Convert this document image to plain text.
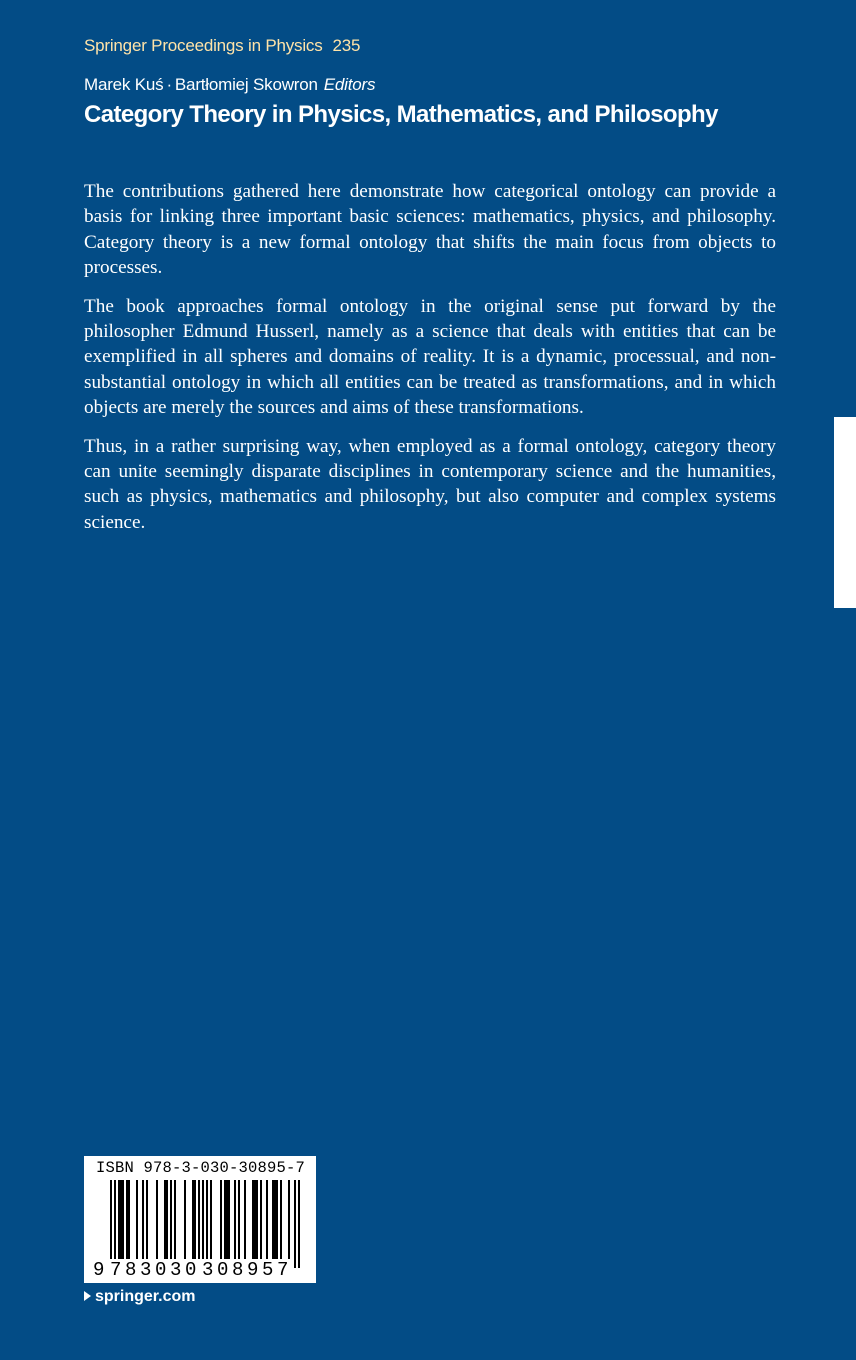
Springer Proceedings in Physics 235
Marek Kuś · Bartłomiej Skowron Editors
Category Theory in Physics, Mathematics, and Philosophy

The contributions gathered here demonstrate how categorical ontology can provide a basis for linking three important basic sciences: mathematics, physics, and philosophy. Category theory is a new formal ontology that shifts the main focus from objects to processes.

The book approaches formal ontology in the original sense put forward by the philosopher Edmund Husserl, namely as a science that deals with entities that can be exemplified in all spheres and domains of reality. It is a dynamic, processual, and non-substantial ontology in which all entities can be treated as transformations, and in which objects are merely the sources and aims of these transformations.

Thus, in a rather surprising way, when employed as a formal ontology, category theory can unite seemingly disparate disciplines in contemporary science and the humanities, such as physics, mathematics and philosophy, but also computer and complex systems science.

ISBN 978-3-030-30895-7
9 783030 308957
springer.com
